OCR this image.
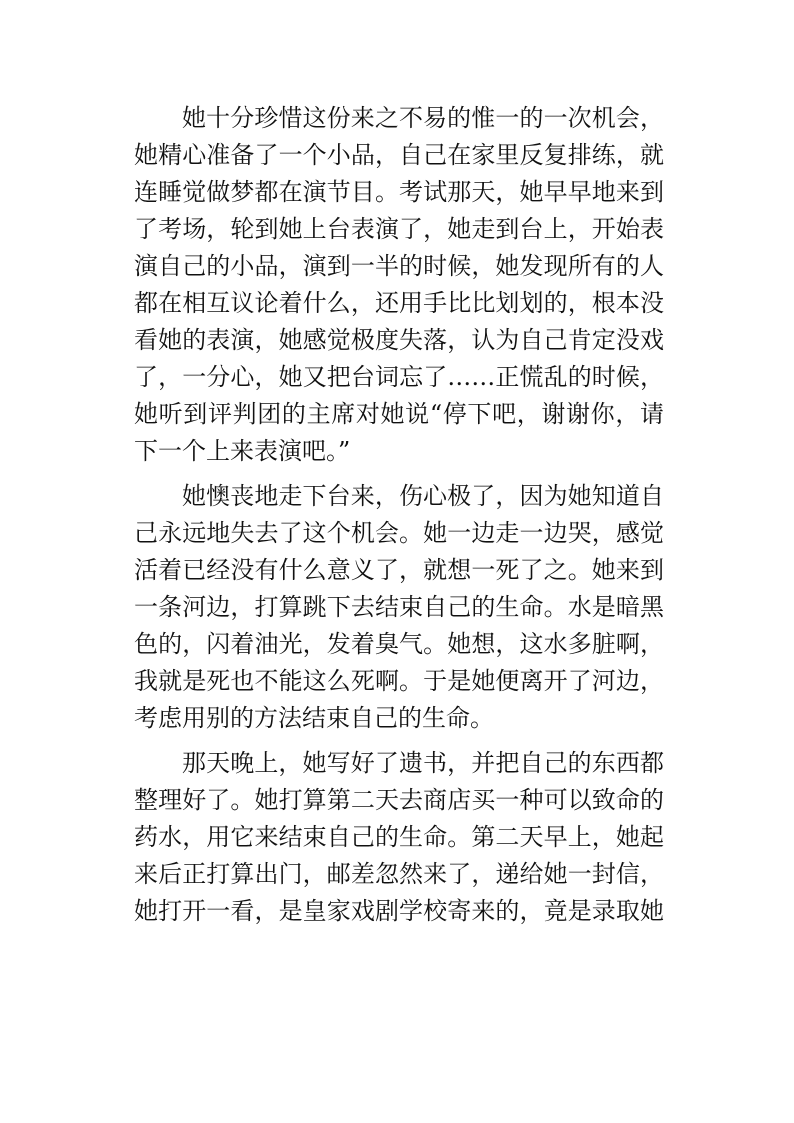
她十分珍惜这份来之不易的惟一的一次机会，
她精心准备了一个小品，自己在家里反复排练，就
连睡觉做梦都在演节目。考试那天，她早早地来到
了考场，轮到她上台表演了，她走到台上，开始表
演自己的小品，演到一半的时候，她发现所有的人
都在相互议论着什么，还用手比比划划的，根本没
看她的表演，她感觉极度失落，认为自己肯定没戏
了，一分心，她又把台词忘了……正慌乱的时候，
她听到评判团的主席对她说“停下吧，谢谢你，请
下一个上来表演吧。”
她懊丧地走下台来，伤心极了，因为她知道自
己永远地失去了这个机会。她一边走一边哭，感觉
活着已经没有什么意义了，就想一死了之。她来到
一条河边，打算跳下去结束自己的生命。水是暗黑
色的，闪着油光，发着臭气。她想，这水多脏啊，
我就是死也不能这么死啊。于是她便离开了河边，
考虑用别的方法结束自己的生命。
那天晚上，她写好了遗书，并把自己的东西都
整理好了。她打算第二天去商店买一种可以致命的
药水，用它来结束自己的生命。第二天早上，她起
来后正打算出门，邮差忽然来了，递给她一封信，
她打开一看，是皇家戏剧学校寄来的，竟是录取她
